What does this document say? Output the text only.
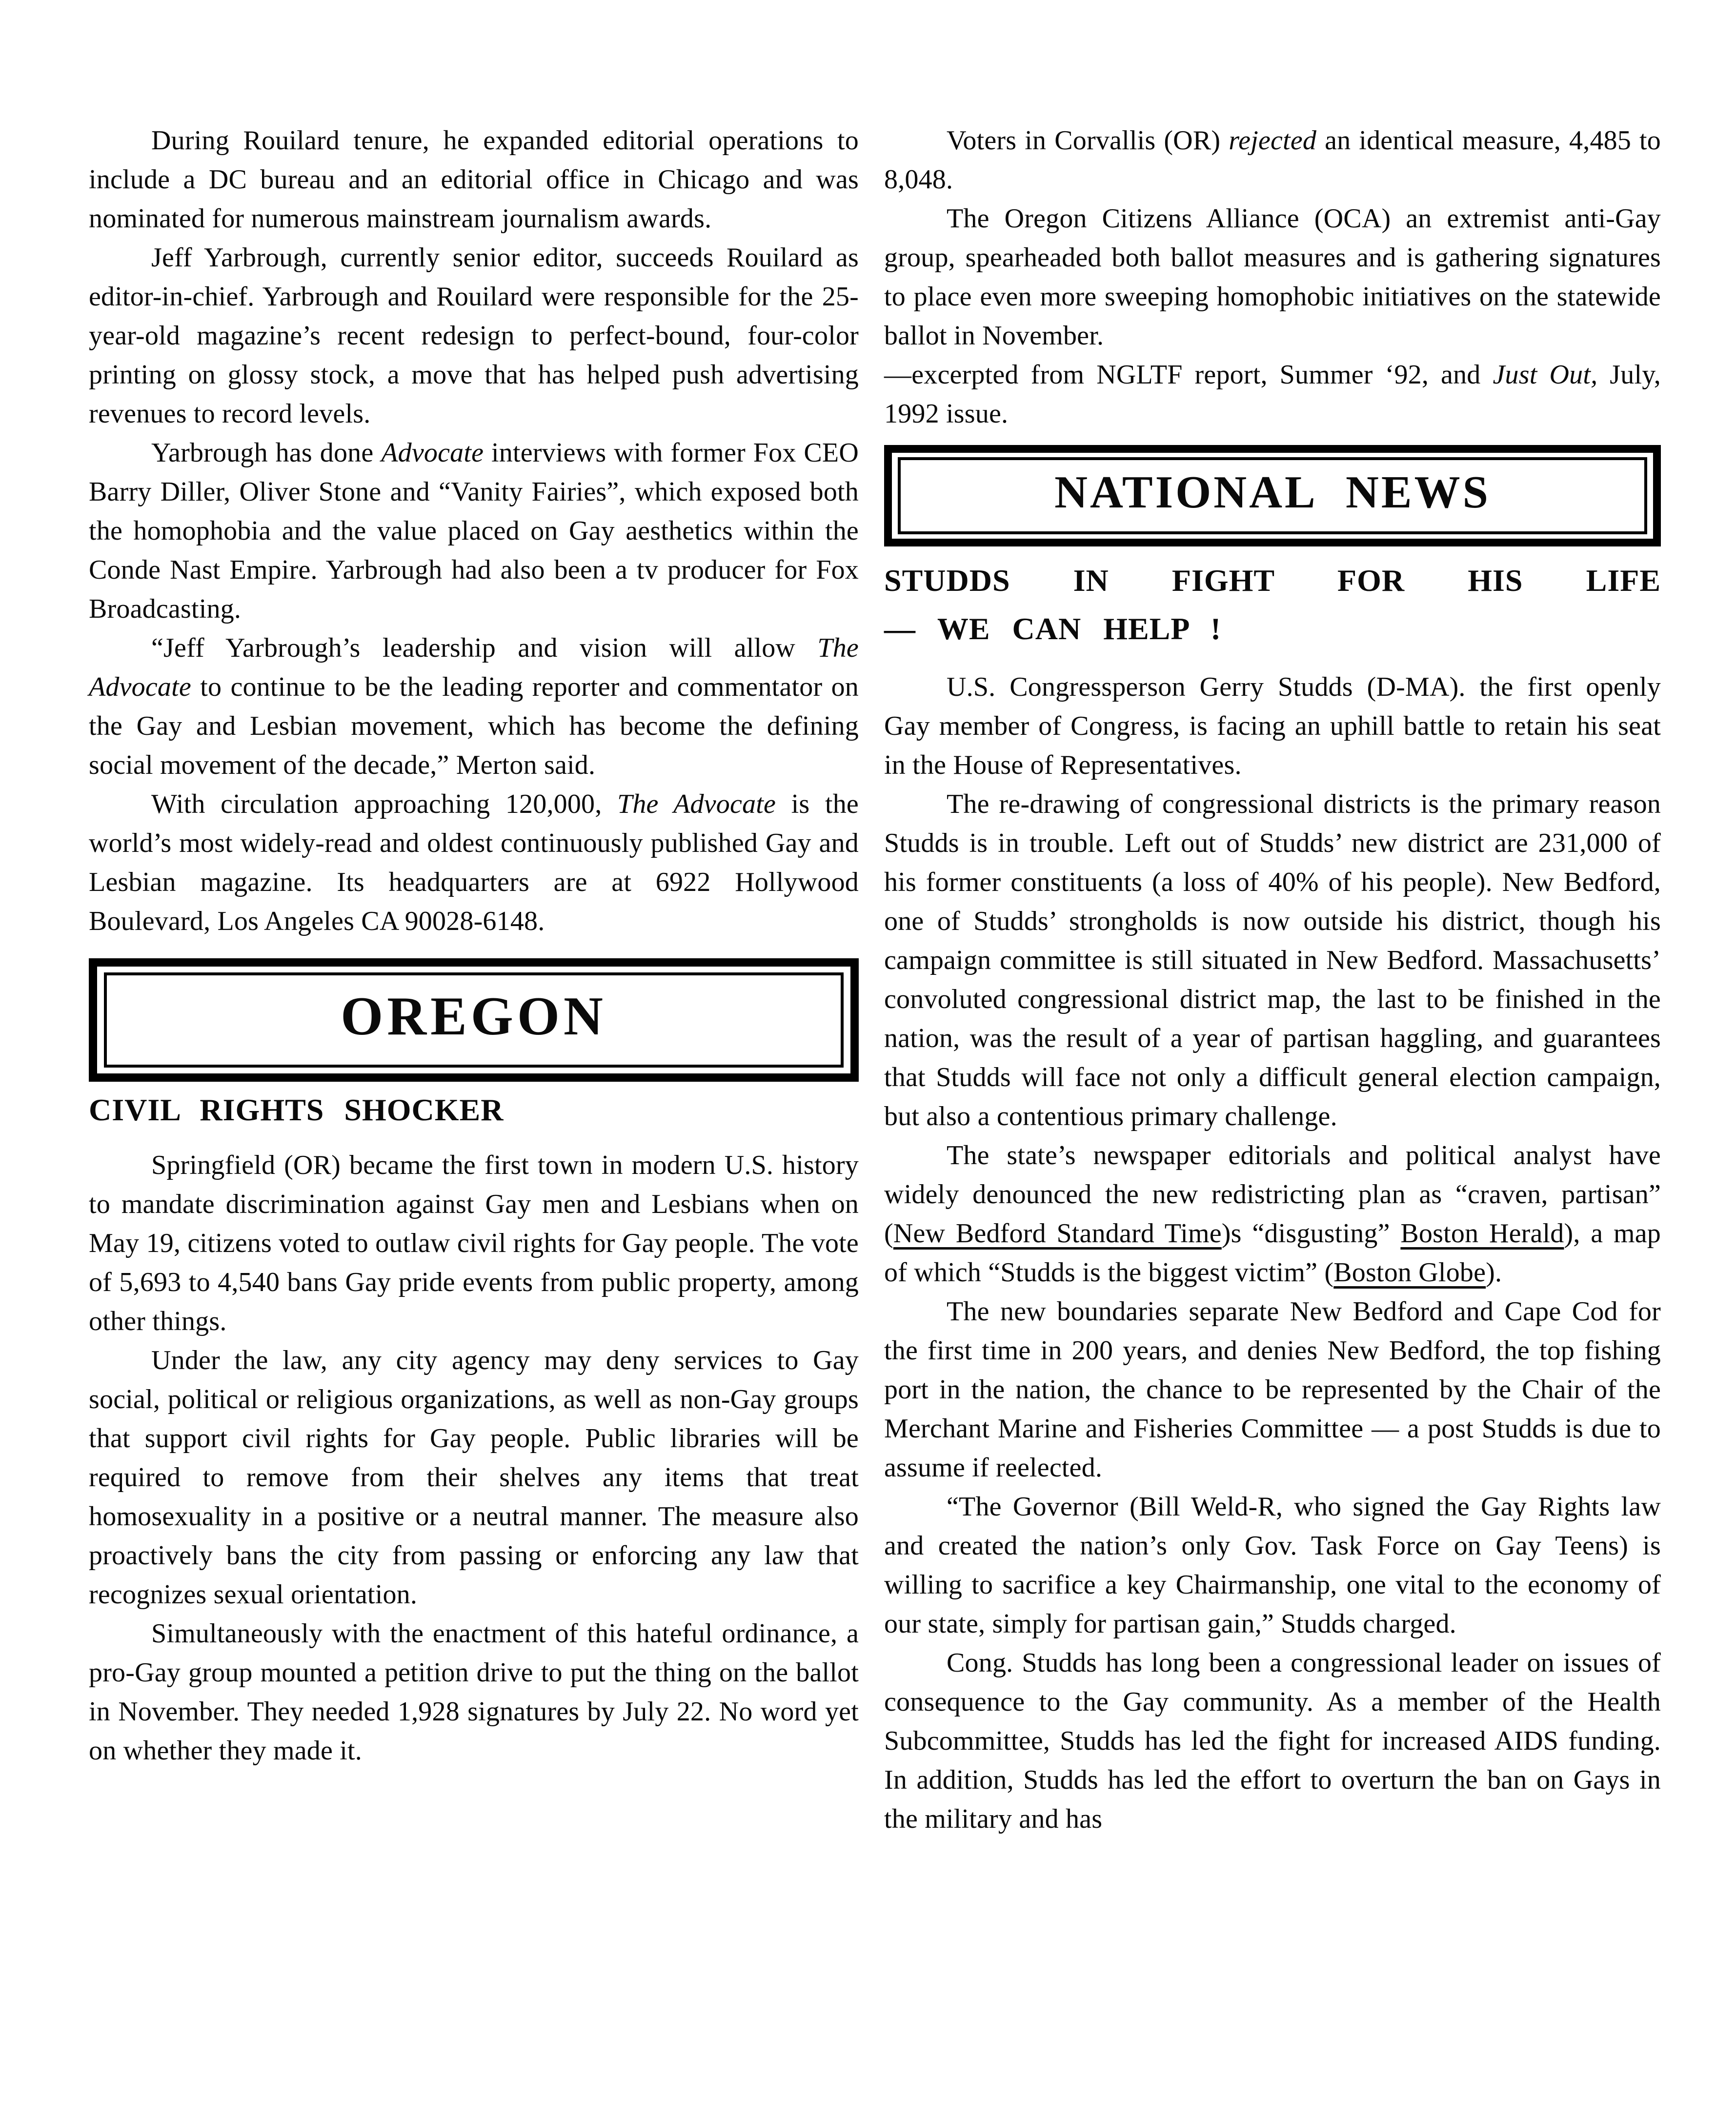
During Rouilard tenure, he expanded editorial operations to include a DC bureau and an editorial office in Chicago and was nominated for numerous mainstream journalism awards.

Jeff Yarbrough, currently senior editor, succeeds Rouilard as editor-in-chief. Yarbrough and Rouilard were responsible for the 25-year-old magazine’s recent redesign to perfect-bound, four-color printing on glossy stock, a move that has helped push advertising revenues to record levels.

Yarbrough has done Advocate interviews with former Fox CEO Barry Diller, Oliver Stone and “Vanity Fairies”, which exposed both the homophobia and the value placed on Gay aesthetics within the Conde Nast Empire. Yarbrough had also been a tv producer for Fox Broadcasting.

“Jeff Yarbrough’s leadership and vision will allow The Advocate to continue to be the leading reporter and commentator on the Gay and Lesbian movement, which has become the defining social movement of the decade,” Merton said.

With circulation approaching 120,000, The Advocate is the world’s most widely-read and oldest continuously published Gay and Lesbian magazine. Its headquarters are at 6922 Hollywood Boulevard, Los Angeles CA 90028-6148.

OREGON
CIVIL RIGHTS SHOCKER

Springfield (OR) became the first town in modern U.S. history to mandate discrimination against Gay men and Lesbians when on May 19, citizens voted to outlaw civil rights for Gay people. The vote of 5,693 to 4,540 bans Gay pride events from public property, among other things.

Under the law, any city agency may deny services to Gay social, political or religious organizations, as well as non-Gay groups that support civil rights for Gay people. Public libraries will be required to remove from their shelves any items that treat homosexuality in a positive or a neutral manner. The measure also proactively bans the city from passing or enforcing any law that recognizes sexual orientation.

Simultaneously with the enactment of this hateful ordinance, a pro-Gay group mounted a petition drive to put the thing on the ballot in November. They needed 1,928 signatures by July 22. No word yet on whether they made it.

Voters in Corvallis (OR) rejected an identical measure, 4,485 to 8,048.

The Oregon Citizens Alliance (OCA) an extremist anti-Gay group, spearheaded both ballot measures and is gathering signatures to place even more sweeping homophobic initiatives on the statewide ballot in November.

—excerpted from NGLTF report, Summer ‘92, and Just Out, July, 1992 issue.

NATIONAL NEWS
STUDDS IN FIGHT FOR HIS LIFE
— WE CAN HELP !

U.S. Congressperson Gerry Studds (D-MA). the first openly Gay member of Congress, is facing an uphill battle to retain his seat in the House of Representatives.

The re-drawing of congressional districts is the primary reason Studds is in trouble. Left out of Studds’ new district are 231,000 of his former constituents (a loss of 40% of his people). New Bedford, one of Studds’ strongholds is now outside his district, though his campaign committee is still situated in New Bedford. Massachusetts’ convoluted congressional district map, the last to be finished in the nation, was the result of a year of partisan haggling, and guarantees that Studds will face not only a difficult general election campaign, but also a contentious primary challenge.

The state’s newspaper editorials and political analyst have widely denounced the new redistricting plan as “craven, partisan” (New Bedford Standard Time)s “disgusting” Boston Herald), a map of which “Studds is the biggest victim” (Boston Globe).

The new boundaries separate New Bedford and Cape Cod for the first time in 200 years, and denies New Bedford, the top fishing port in the nation, the chance to be represented by the Chair of the Merchant Marine and Fisheries Committee — a post Studds is due to assume if reelected.

“The Governor (Bill Weld-R, who signed the Gay Rights law and created the nation’s only Gov. Task Force on Gay Teens) is willing to sacrifice a key Chairmanship, one vital to the economy of our state, simply for partisan gain,” Studds charged.

Cong. Studds has long been a congressional leader on issues of consequence to the Gay community. As a member of the Health Subcommittee, Studds has led the fight for increased AIDS funding. In addition, Studds has led the effort to overturn the ban on Gays in the military and has
